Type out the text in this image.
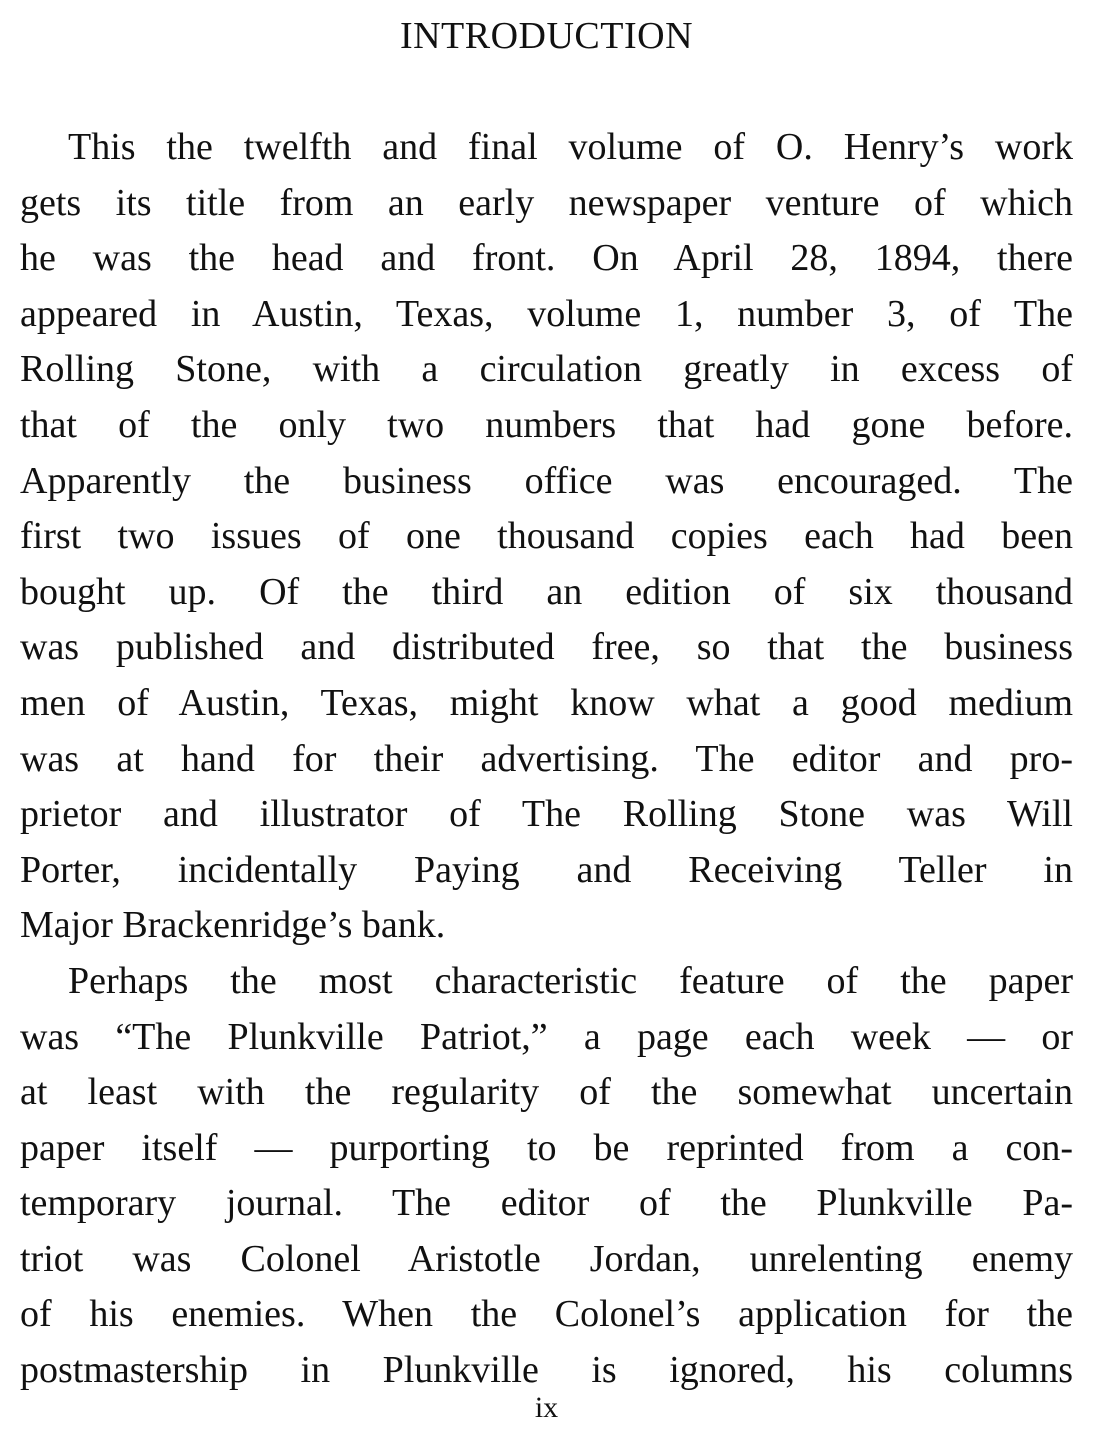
INTRODUCTION
This the twelfth and final volume of O. Henry’s work
gets its title from an early newspaper venture of which
he was the head and front. On April 28, 1894, there
appeared in Austin, Texas, volume 1, number 3, of The
Rolling Stone, with a circulation greatly in excess of
that of the only two numbers that had gone before.
Apparently the business office was encouraged. The
first two issues of one thousand copies each had been
bought up. Of the third an edition of six thousand
was published and distributed free, so that the business
men of Austin, Texas, might know what a good medium
was at hand for their advertising. The editor and pro-
prietor and illustrator of The Rolling Stone was Will
Porter, incidentally Paying and Receiving Teller in
Major Brackenridge’s bank.
Perhaps the most characteristic feature of the paper
was “The Plunkville Patriot,” a page each week — or
at least with the regularity of the somewhat uncertain
paper itself — purporting to be reprinted from a con-
temporary journal. The editor of the Plunkville Pa-
triot was Colonel Aristotle Jordan, unrelenting enemy
of his enemies. When the Colonel’s application for the
postmastership in Plunkville is ignored, his columns
ix
